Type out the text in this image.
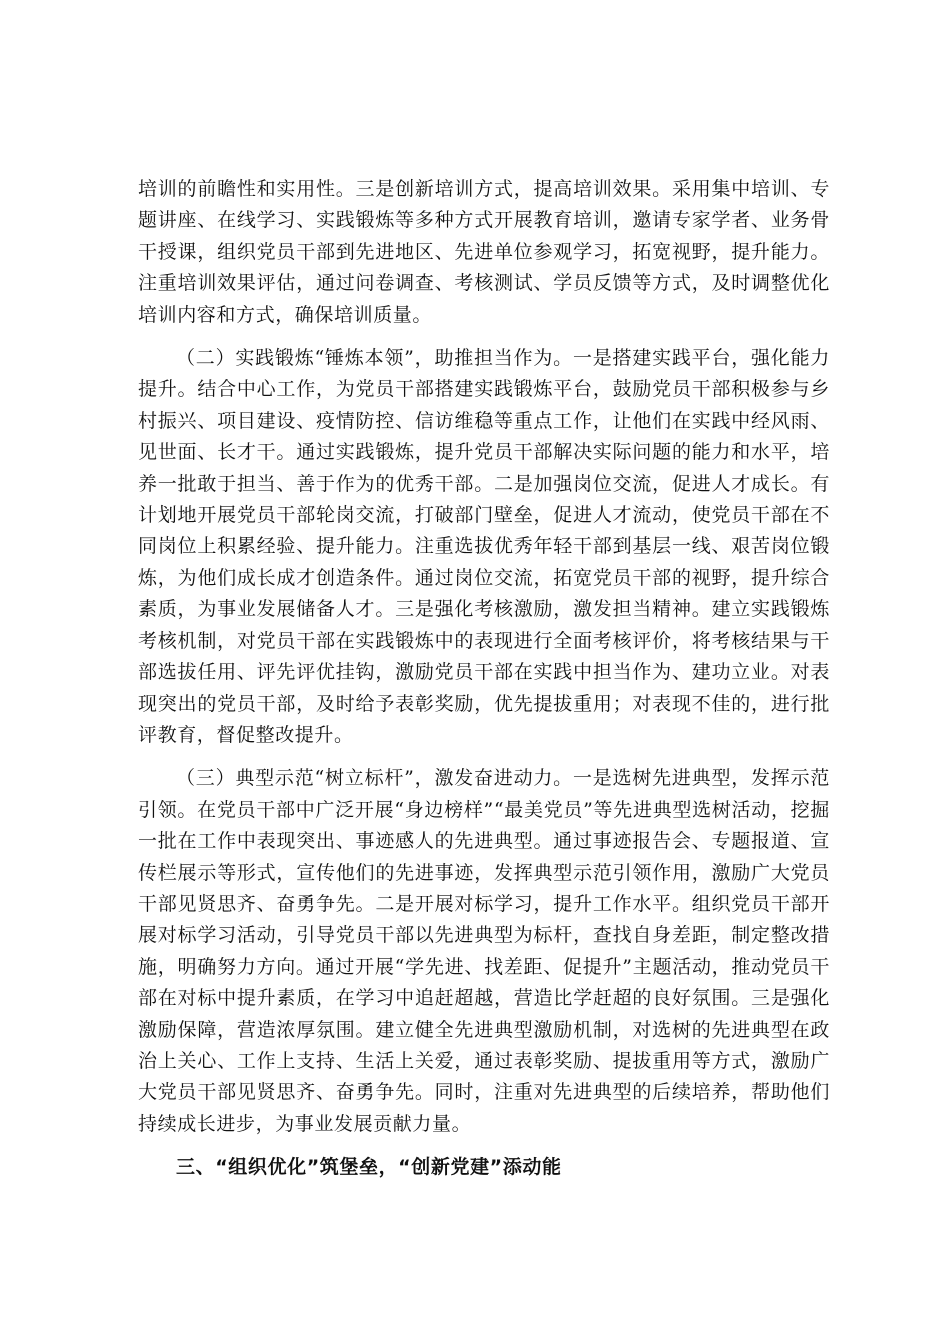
培训的前瞻性和实用性。三是创新培训方式，提高培训效果。采用集中培训、专题讲座、在线学习、实践锻炼等多种方式开展教育培训，邀请专家学者、业务骨干授课，组织党员干部到先进地区、先进单位参观学习，拓宽视野，提升能力。注重培训效果评估，通过问卷调查、考核测试、学员反馈等方式，及时调整优化培训内容和方式，确保培训质量。

（二）实践锻炼“锤炼本领”，助推担当作为。一是搭建实践平台，强化能力提升。结合中心工作，为党员干部搭建实践锻炼平台，鼓励党员干部积极参与乡村振兴、项目建设、疫情防控、信访维稳等重点工作，让他们在实践中经风雨、见世面、长才干。通过实践锻炼，提升党员干部解决实际问题的能力和水平，培养一批敢于担当、善于作为的优秀干部。二是加强岗位交流，促进人才成长。有计划地开展党员干部轮岗交流，打破部门壁垒，促进人才流动，使党员干部在不同岗位上积累经验、提升能力。注重选拔优秀年轻干部到基层一线、艰苦岗位锻炼，为他们成长成才创造条件。通过岗位交流，拓宽党员干部的视野，提升综合素质，为事业发展储备人才。三是强化考核激励，激发担当精神。建立实践锻炼考核机制，对党员干部在实践锻炼中的表现进行全面考核评价，将考核结果与干部选拔任用、评先评优挂钩，激励党员干部在实践中担当作为、建功立业。对表现突出的党员干部，及时给予表彰奖励，优先提拔重用；对表现不佳的，进行批评教育，督促整改提升。

（三）典型示范“树立标杆”，激发奋进动力。一是选树先进典型，发挥示范引领。在党员干部中广泛开展“身边榜样”“最美党员”等先进典型选树活动，挖掘一批在工作中表现突出、事迹感人的先进典型。通过事迹报告会、专题报道、宣传栏展示等形式，宣传他们的先进事迹，发挥典型示范引领作用，激励广大党员干部见贤思齐、奋勇争先。二是开展对标学习，提升工作水平。组织党员干部开展对标学习活动，引导党员干部以先进典型为标杆，查找自身差距，制定整改措施，明确努力方向。通过开展“学先进、找差距、促提升”主题活动，推动党员干部在对标中提升素质，在学习中追赶超越，营造比学赶超的良好氛围。三是强化激励保障，营造浓厚氛围。建立健全先进典型激励机制，对选树的先进典型在政治上关心、工作上支持、生活上关爱，通过表彰奖励、提拔重用等方式，激励广大党员干部见贤思齐、奋勇争先。同时，注重对先进典型的后续培养，帮助他们持续成长进步，为事业发展贡献力量。

三、“组织优化”筑堡垒，“创新党建”添动能
